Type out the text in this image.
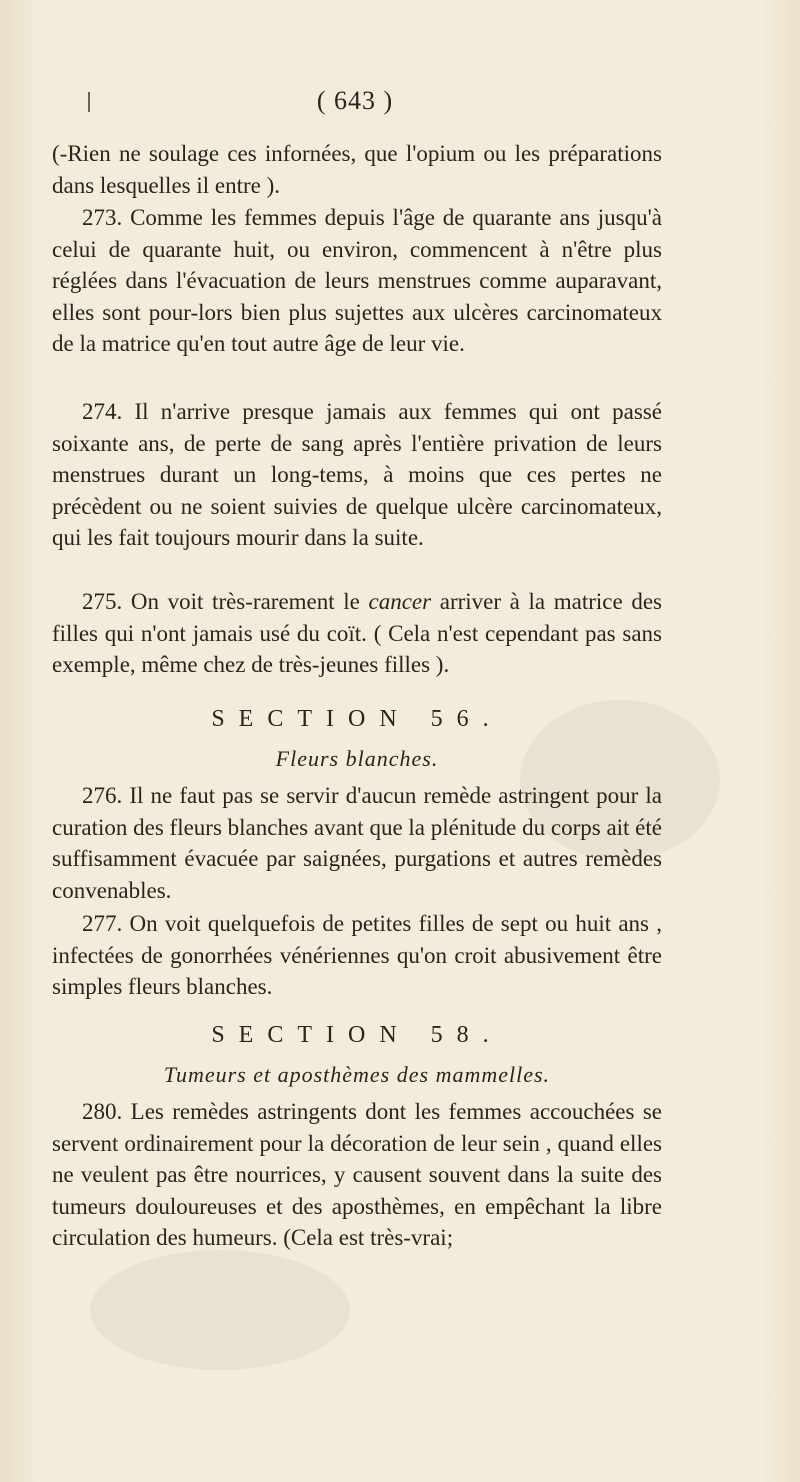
( 643 )

(-Rien ne soulage ces infornées, que l'opium ou les préparations dans lesquelles il entre ).

273. Comme les femmes depuis l'âge de quarante ans jusqu'à celui de quarante huit, ou environ, commencent à n'être plus réglées dans l'évacuation de leurs menstrues comme auparavant, elles sont pour-lors bien plus sujettes aux ulcères carcinomateux de la matrice qu'en tout autre âge de leur vie.

274. Il n'arrive presque jamais aux femmes qui ont passé soixante ans, de perte de sang après l'entière privation de leurs menstrues durant un long-tems, à moins que ces pertes ne précèdent ou ne soient suivies de quelque ulcère carcinomateux, qui les fait toujours mourir dans la suite.

275. On voit très-rarement le cancer arriver à la matrice des filles qui n'ont jamais usé du coït. ( Cela n'est cependant pas sans exemple, même chez de très-jeunes filles ).

SECTION 56.
Fleurs blanches.

276. Il ne faut pas se servir d'aucun remède astringent pour la curation des fleurs blanches avant que la plénitude du corps ait été suffisamment évacuée par saignées, purgations et autres remèdes convenables.

277. On voit quelquefois de petites filles de sept ou huit ans , infectées de gonorrhées vénériennes qu'on croit abusivement être simples fleurs blanches.

SECTION 58.
Tumeurs et aposthèmes des mammelles.

280. Les remèdes astringents dont les femmes accouchées se servent ordinairement pour la décoration de leur sein , quand elles ne veulent pas être nourrices, y causent souvent dans la suite des tumeurs douloureuses et des aposthèmes, en empêchant la libre circulation des humeurs. (Cela est très-vrai;
